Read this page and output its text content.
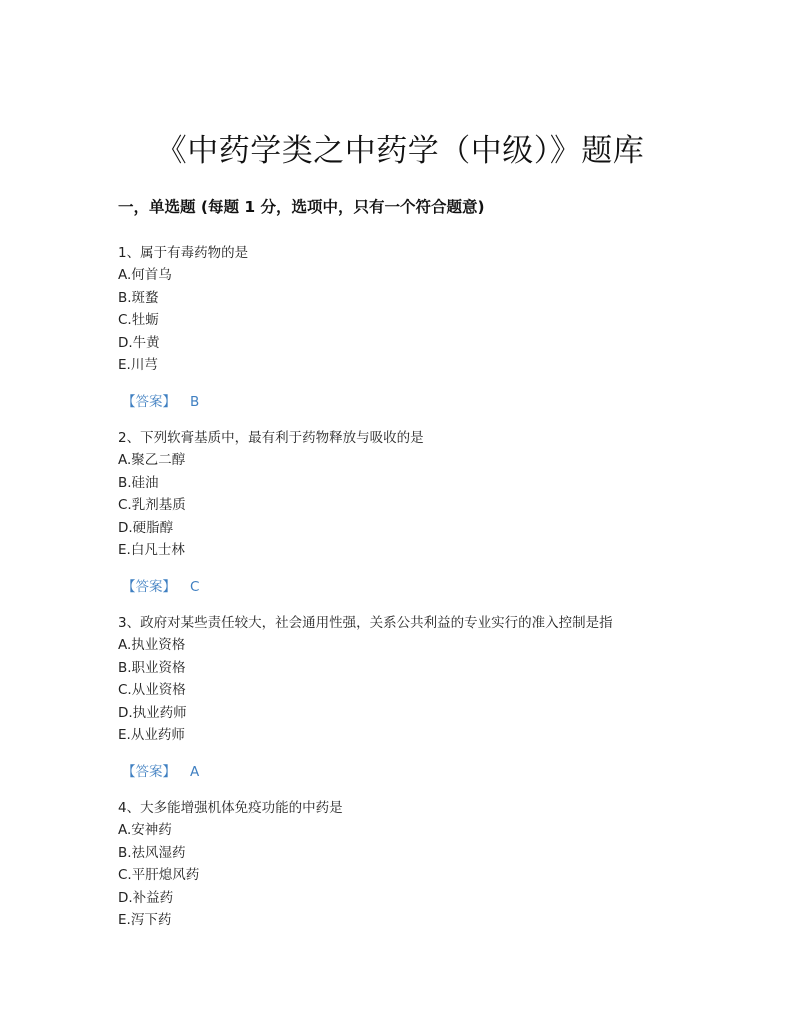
《中药学类之中药学（中级）》题库
一，单选题 (每题 1 分，选项中，只有一个符合题意)
1、属于有毒药物的是
A.何首乌
B.斑蝥
C.牡蛎
D.牛黄
E.川芎
【答案】 B
2、下列软膏基质中，最有利于药物释放与吸收的是
A.聚乙二醇
B.硅油
C.乳剂基质
D.硬脂醇
E.白凡士林
【答案】 C
3、政府对某些责任较大，社会通用性强，关系公共利益的专业实行的准入控制是指
A.执业资格
B.职业资格
C.从业资格
D.执业药师
E.从业药师
【答案】 A
4、大多能增强机体免疫功能的中药是
A.安神药
B.祛风湿药
C.平肝熄风药
D.补益药
E.泻下药
